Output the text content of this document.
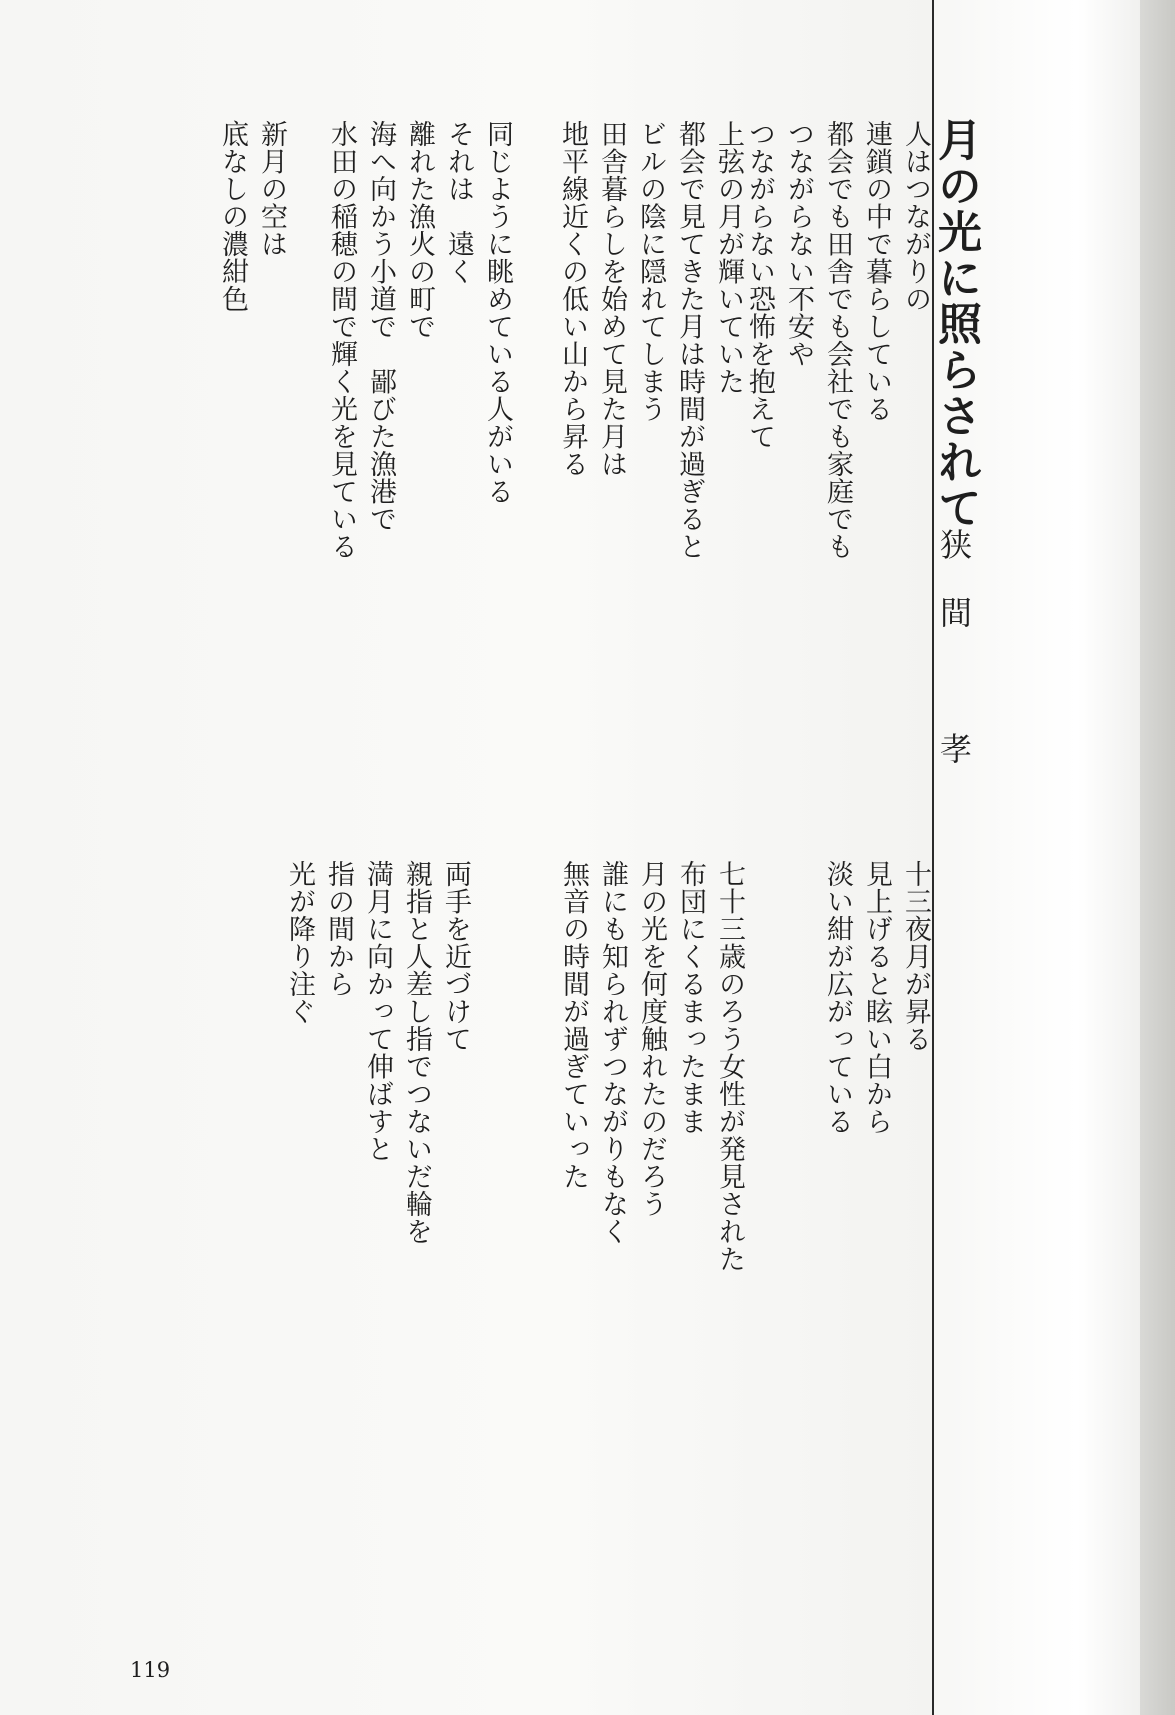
月の光に照らされて

狭間　孝

人はつながりの
連鎖の中で暮らしている
都会でも田舎でも会社でも家庭でも
つながらない不安や
つながらない恐怖を抱えて
上弦の月が輝いていた
都会で見てきた月は時間が過ぎると
ビルの陰に隠れてしまう
田舎暮らしを始めて見た月は
地平線近くの低い山から昇る
同じように眺めている人がいる
それは　遠く
離れた漁火の町で
海へ向かう小道で　鄙びた漁港で
水田の稲穂の間で輝く光を見ている
新月の空は
底なしの濃紺色
十三夜月が昇る
見上げると眩い白から
淡い紺が広がっている
七十三歳のろう女性が発見された
布団にくるまったまま
月の光を何度触れたのだろう
誰にも知られずつながりもなく
無音の時間が過ぎていった
両手を近づけて
親指と人差し指でつないだ輪を
満月に向かって伸ばすと
指の間から
光が降り注ぐ

119
